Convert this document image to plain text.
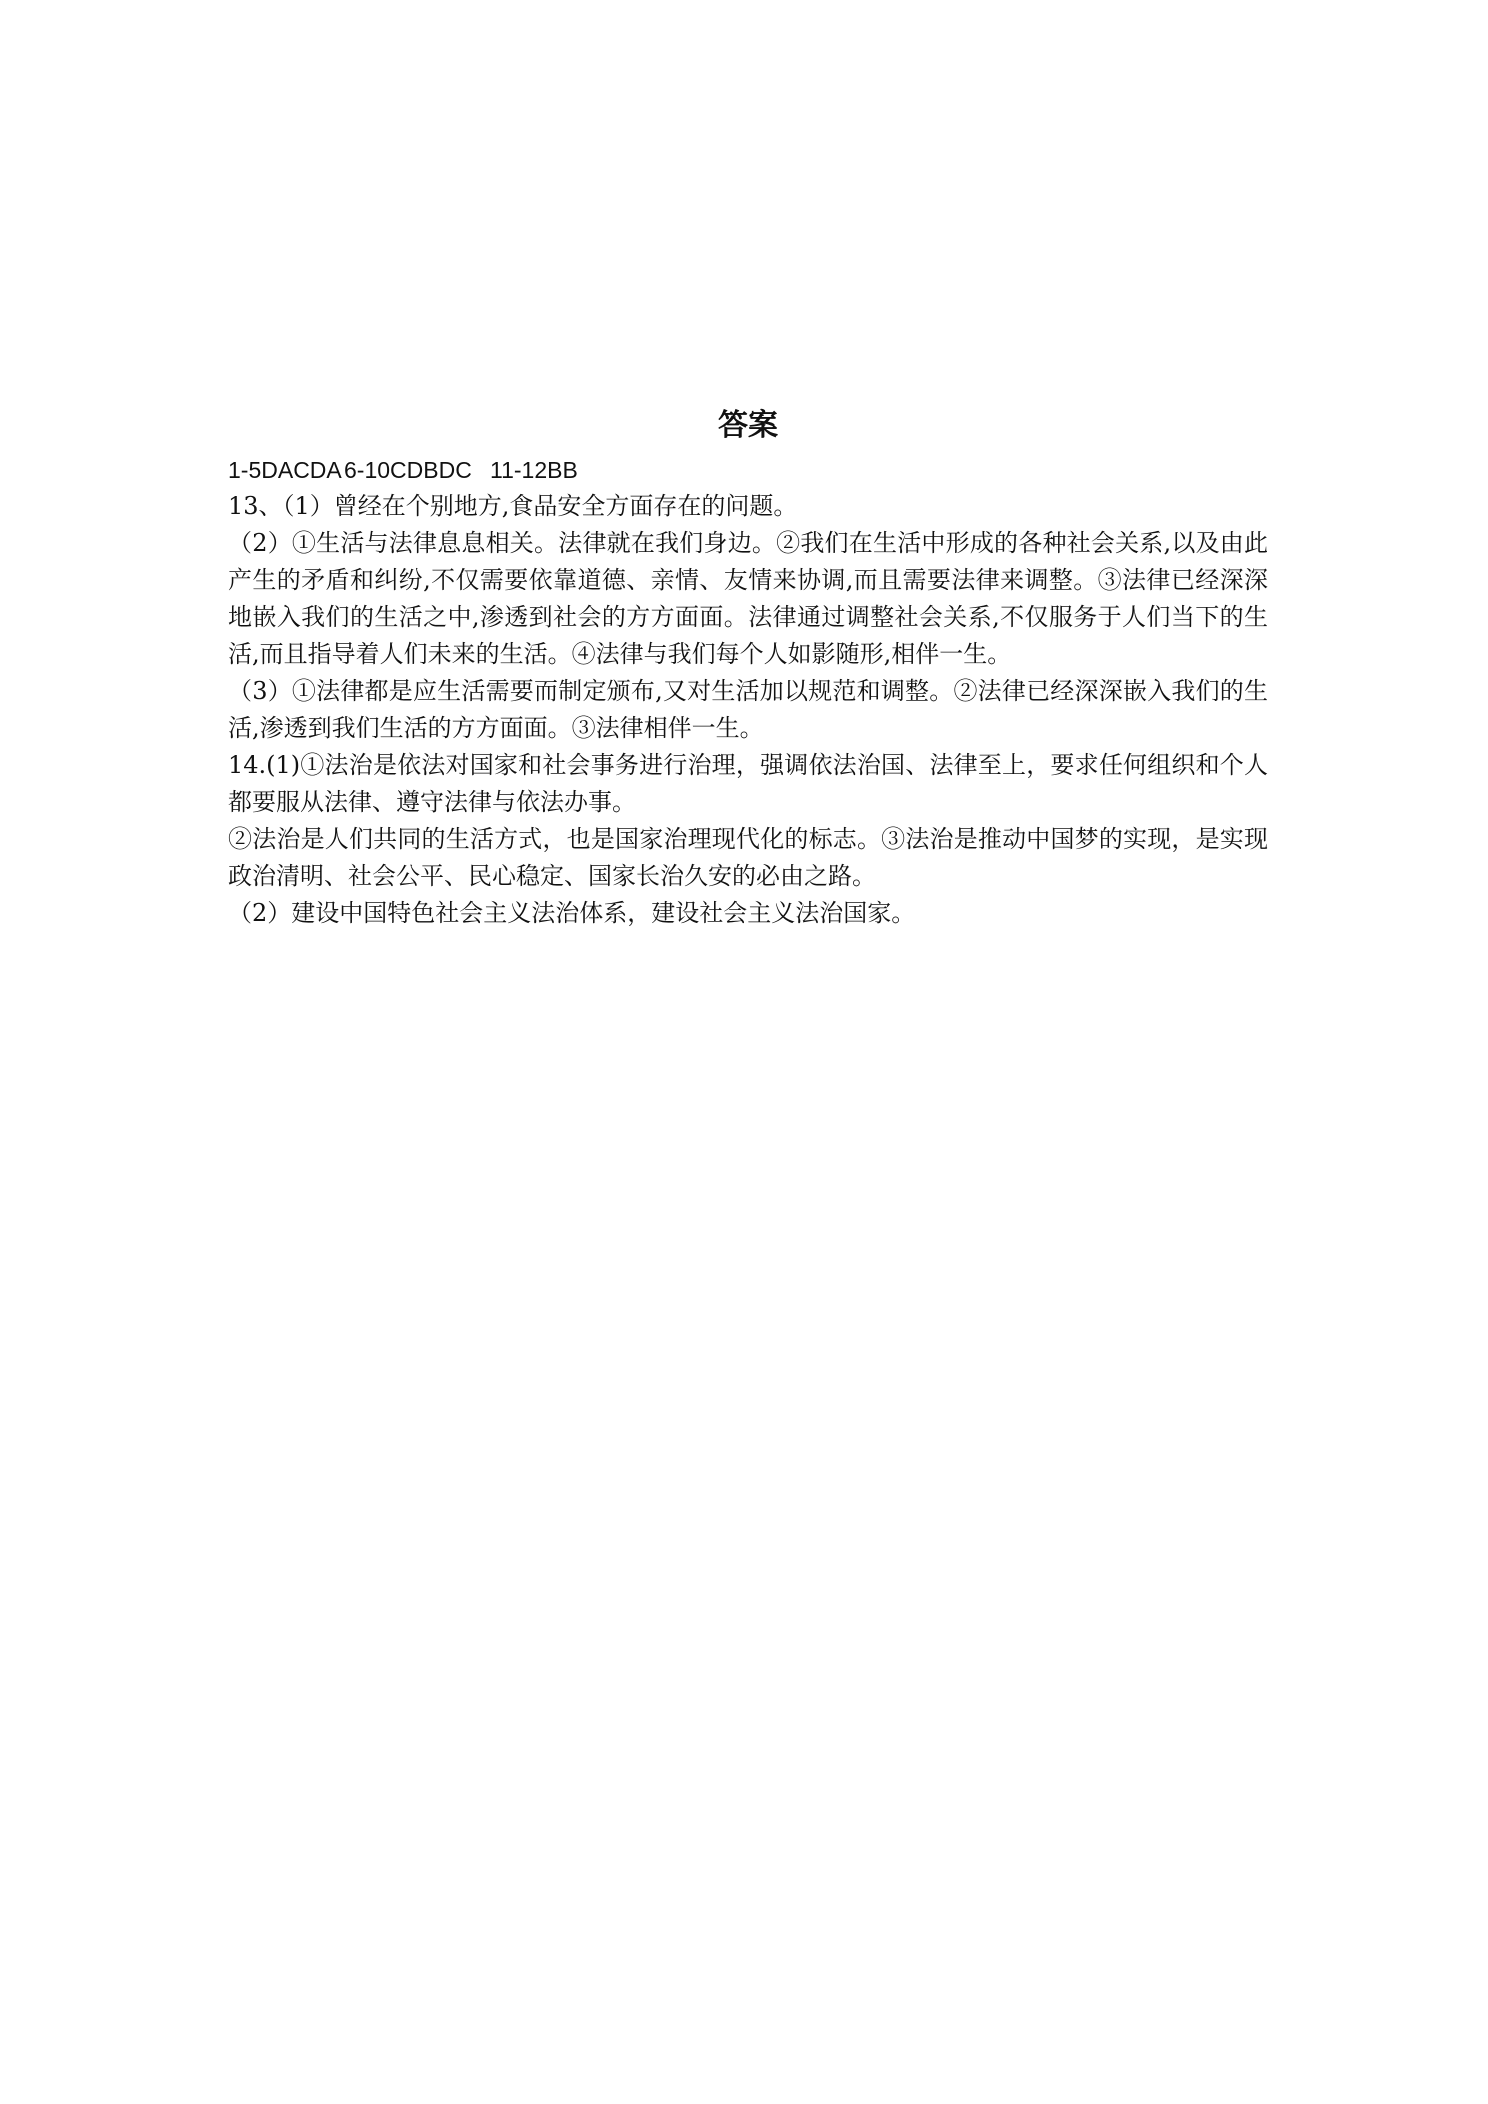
答案
1-5DACDA6-10CDBDC 11-12BB
13、（1）曾经在个别地方,食品安全方面存在的问题。

（2）①生活与法律息息相关。法律就在我们身边。②我们在生活中形成的各种社会关系,以及由此产生的矛盾和纠纷,不仅需要依靠道德、亲情、友情来协调,而且需要法律来调整。③法律已经深深地嵌入我们的生活之中,渗透到社会的方方面面。法律通过调整社会关系,不仅服务于人们当下的生活,而且指导着人们未来的生活。④法律与我们每个人如影随形,相伴一生。

（3）①法律都是应生活需要而制定颁布,又对生活加以规范和调整。②法律已经深深嵌入我们的生活,渗透到我们生活的方方面面。③法律相伴一生。

14.(1)①法治是依法对国家和社会事务进行治理，强调依法治国、法律至上，要求任何组织和个人都要服从法律、遵守法律与依法办事。

②法治是人们共同的生活方式，也是国家治理现代化的标志。③法治是推动中国梦的实现，是实现政治清明、社会公平、民心稳定、国家长治久安的必由之路。

（2）建设中国特色社会主义法治体系，建设社会主义法治国家。
